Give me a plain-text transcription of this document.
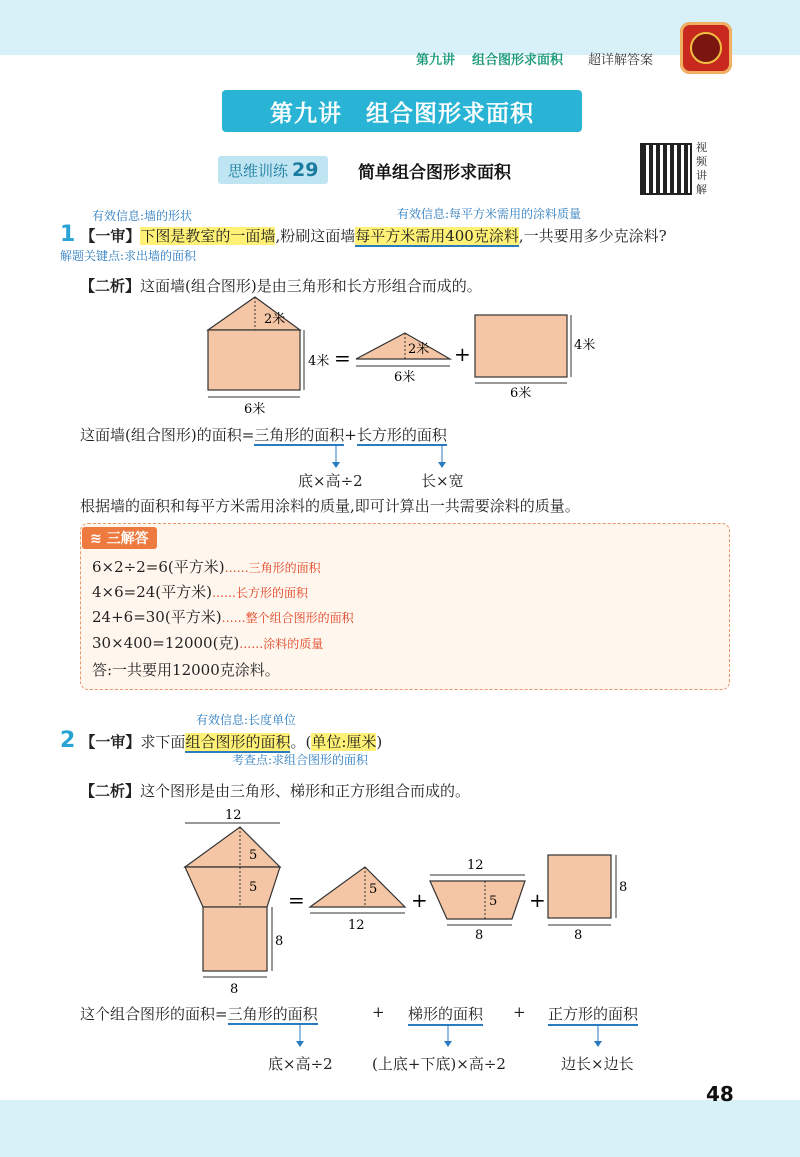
第九讲 组合图形求面积 超详解答案
第九讲　组合图形求面积
思维训练 29 简单组合图形求面积
视
频
讲
解
有效信息:墙的形状	有效信息:每平方米需用的涂料质量
1 【一审】下图是教室的一面墙,粉刷这面墙每平方米需用400克涂料,一共要用多少克涂料?
解题关键点:求出墙的面积
【二析】这面墙(组合图形)是由三角形和长方形组合而成的。
2米
4米
6米
=	2米
6米
+	4米
6米
这面墙(组合图形)的面积=三角形的面积+长方形的面积
底×高÷2	长×宽
根据墙的面积和每平方米需用涂料的质量,即可计算出一共需要涂料的质量。
≋ 三解答
6×2÷2=6(平方米)……三角形的面积
4×6=24(平方米)……长方形的面积
24+6=30(平方米)……整个组合图形的面积
30×400=12000(克)……涂料的质量
答:一共要用12000克涂料。
有效信息:长度单位
2 【一审】求下面组合图形的面积。(单位:厘米)
考查点:求组合图形的面积
【二析】这个图形是由三角形、梯形和正方形组合而成的。
12
5
5
8
8
=	5
12
+
12
5
8
+
8
8
这个组合图形的面积=三角形的面积	+ 梯形的面积 + 正方形的面积
底×高÷2	(上底+下底)×高÷2	边长×边长
48
